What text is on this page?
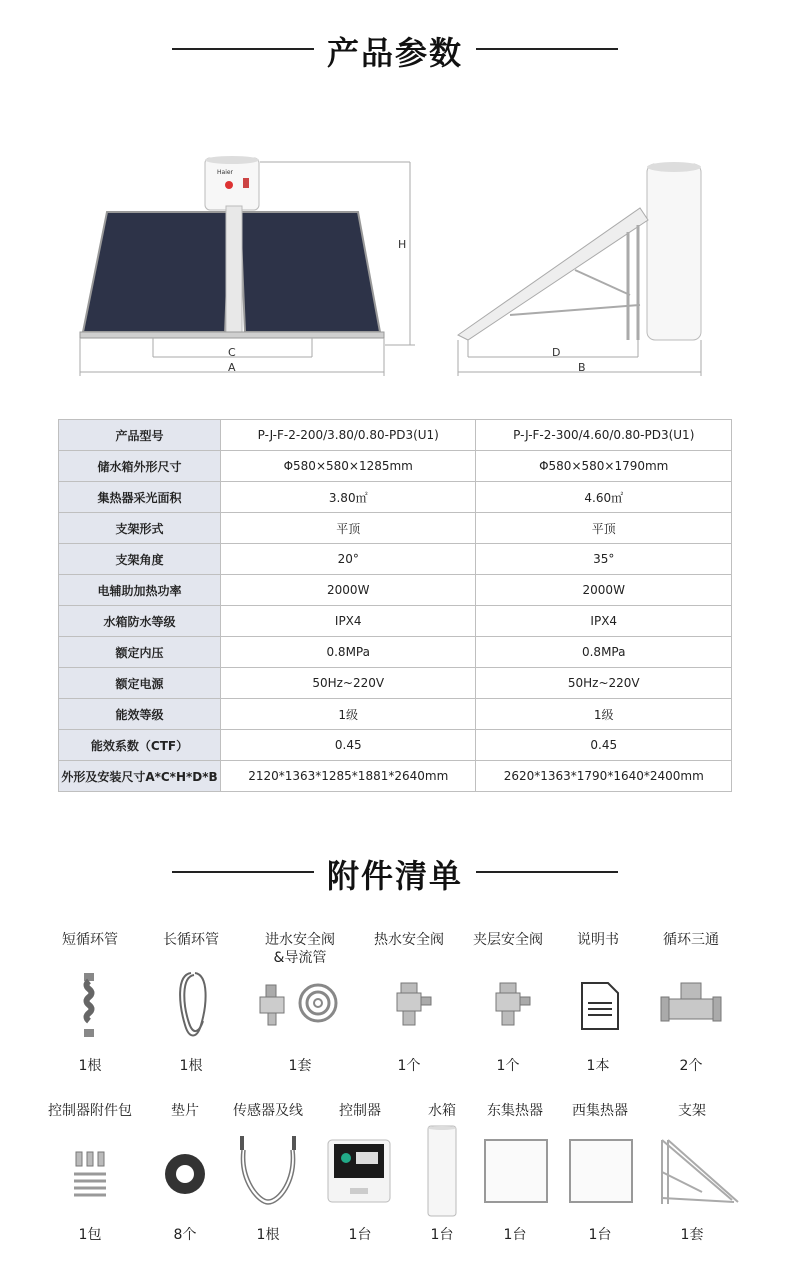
产品参数
Haier
H
C
A
D
B
产品型号	P-J-F-2-200/3.80/0.80-PD3(U1)	P-J-F-2-300/4.60/0.80-PD3(U1)
储水箱外形尺寸	Φ580×580×1285mm	Φ580×580×1790mm
集热器采光面积	3.80㎡	4.60㎡
支架形式	平顶	平顶
支架角度	20°	35°
电辅助加热功率	2000W	2000W
水箱防水等级	IPX4	IPX4
额定内压	0.8MPa	0.8MPa
额定电源	50Hz~220V	50Hz~220V
能效等级	1级	1级
能效系数（CTF）	0.45	0.45
外形及安装尺寸A*C*H*D*B	2120*1363*1285*1881*2640mm	2620*1363*1790*1640*2400mm
附件清单
短循环管
1根
长循环管
1根
进水安全阀
&导流管
1套
热水安全阀
1个
夹层安全阀
1个
说明书
1本
循环三通
2个
控制器附件包
1包
垫片
8个
传感器及线
1根
控制器
1台
水箱
1台
东集热器
1台
西集热器
1台
支架
1套
